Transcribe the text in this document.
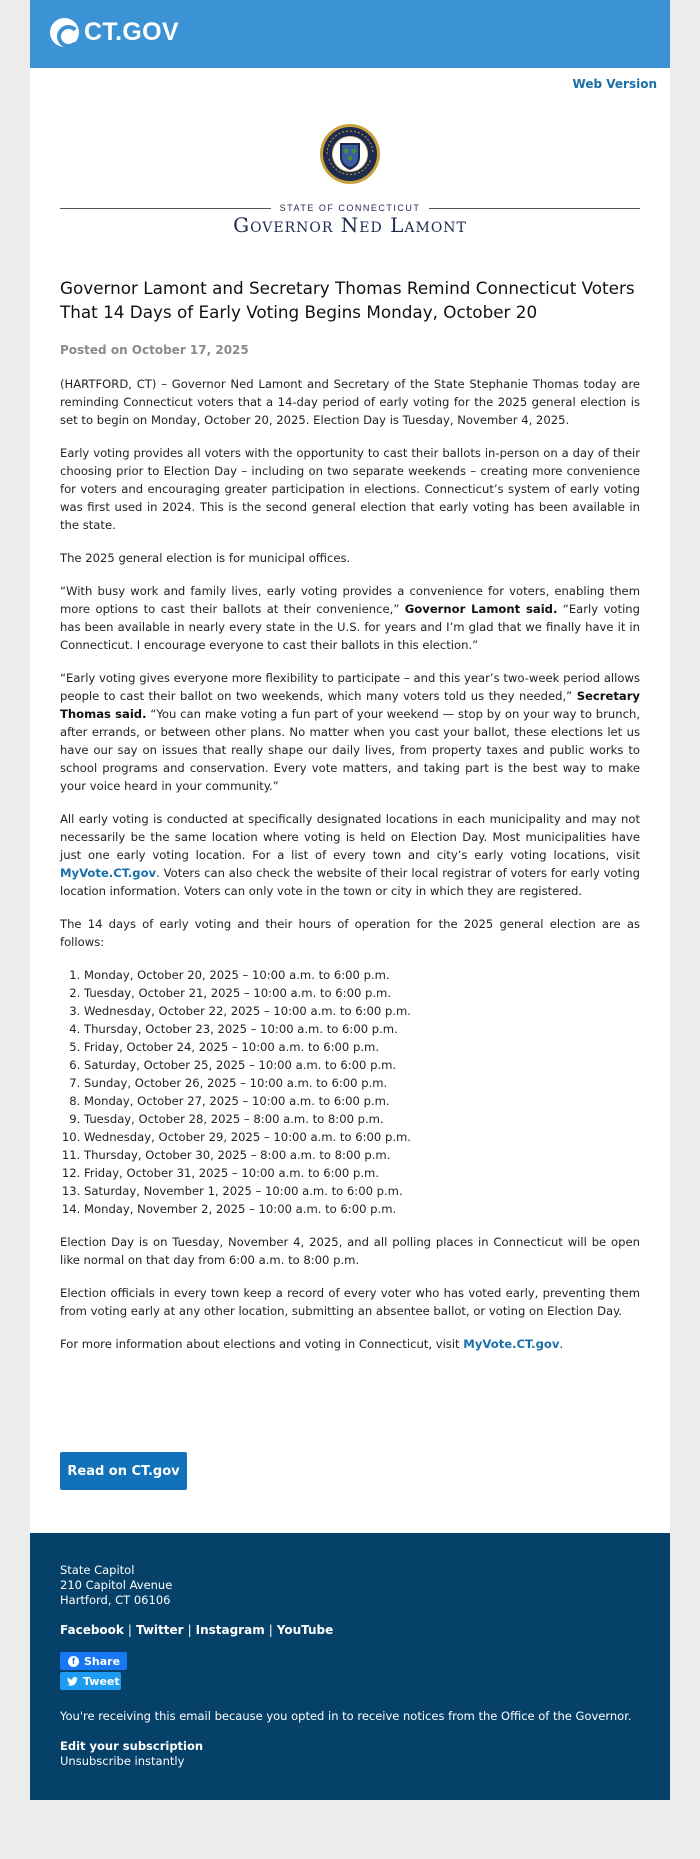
CT.GOV
Web Version
STATE OF CONNECTICUT
Governor Ned Lamont
Governor Lamont and Secretary Thomas Remind Connecticut Voters That 14 Days of Early Voting Begins Monday, October 20
Posted on October 17, 2025

(HARTFORD, CT) – Governor Ned Lamont and Secretary of the State Stephanie Thomas today are reminding Connecticut voters that a 14-day period of early voting for the 2025 general election is set to begin on Monday, October 20, 2025. Election Day is Tuesday, November 4, 2025.

Early voting provides all voters with the opportunity to cast their ballots in-person on a day of their choosing prior to Election Day – including on two separate weekends – creating more convenience for voters and encouraging greater participation in elections. Connecticut’s system of early voting was first used in 2024. This is the second general election that early voting has been available in the state.

The 2025 general election is for municipal offices.

“With busy work and family lives, early voting provides a convenience for voters, enabling them more options to cast their ballots at their convenience,” Governor Lamont said. “Early voting has been available in nearly every state in the U.S. for years and I’m glad that we finally have it in Connecticut. I encourage everyone to cast their ballots in this election.”

“Early voting gives everyone more flexibility to participate – and this year’s two-week period allows people to cast their ballot on two weekends, which many voters told us they needed,” Secretary Thomas said. “You can make voting a fun part of your weekend — stop by on your way to brunch, after errands, or between other plans. No matter when you cast your ballot, these elections let us have our say on issues that really shape our daily lives, from property taxes and public works to school programs and conservation. Every vote matters, and taking part is the best way to make your voice heard in your community.”

All early voting is conducted at specifically designated locations in each municipality and may not necessarily be the same location where voting is held on Election Day. Most municipalities have just one early voting location. For a list of every town and city’s early voting locations, visit MyVote.CT.gov. Voters can also check the website of their local registrar of voters for early voting location information. Voters can only vote in the town or city in which they are registered.

The 14 days of early voting and their hours of operation for the 2025 general election are as follows:

1. Monday, October 20, 2025 – 10:00 a.m. to 6:00 p.m.
2. Tuesday, October 21, 2025 – 10:00 a.m. to 6:00 p.m.
3. Wednesday, October 22, 2025 – 10:00 a.m. to 6:00 p.m.
4. Thursday, October 23, 2025 – 10:00 a.m. to 6:00 p.m.
5. Friday, October 24, 2025 – 10:00 a.m. to 6:00 p.m.
6. Saturday, October 25, 2025 – 10:00 a.m. to 6:00 p.m.
7. Sunday, October 26, 2025 – 10:00 a.m. to 6:00 p.m.
8. Monday, October 27, 2025 – 10:00 a.m. to 6:00 p.m.
9. Tuesday, October 28, 2025 – 8:00 a.m. to 8:00 p.m.
10. Wednesday, October 29, 2025 – 10:00 a.m. to 6:00 p.m.
11. Thursday, October 30, 2025 – 8:00 a.m. to 8:00 p.m.
12. Friday, October 31, 2025 – 10:00 a.m. to 6:00 p.m.
13. Saturday, November 1, 2025 – 10:00 a.m. to 6:00 p.m.
14. Monday, November 2, 2025 – 10:00 a.m. to 6:00 p.m.

Election Day is on Tuesday, November 4, 2025, and all polling places in Connecticut will be open like normal on that day from 6:00 a.m. to 8:00 p.m.

Election officials in every town keep a record of every voter who has voted early, preventing them from voting early at any other location, submitting an absentee ballot, or voting on Election Day.

For more information about elections and voting in Connecticut, visit MyVote.CT.gov.

Read on CT.gov
State Capitol
210 Capitol Avenue
Hartford, CT 06106
Facebook | Twitter | Instagram | YouTube
f Share
Tweet
You're receiving this email because you opted in to receive notices from the Office of the Governor.
Edit your subscription
Unsubscribe instantly
